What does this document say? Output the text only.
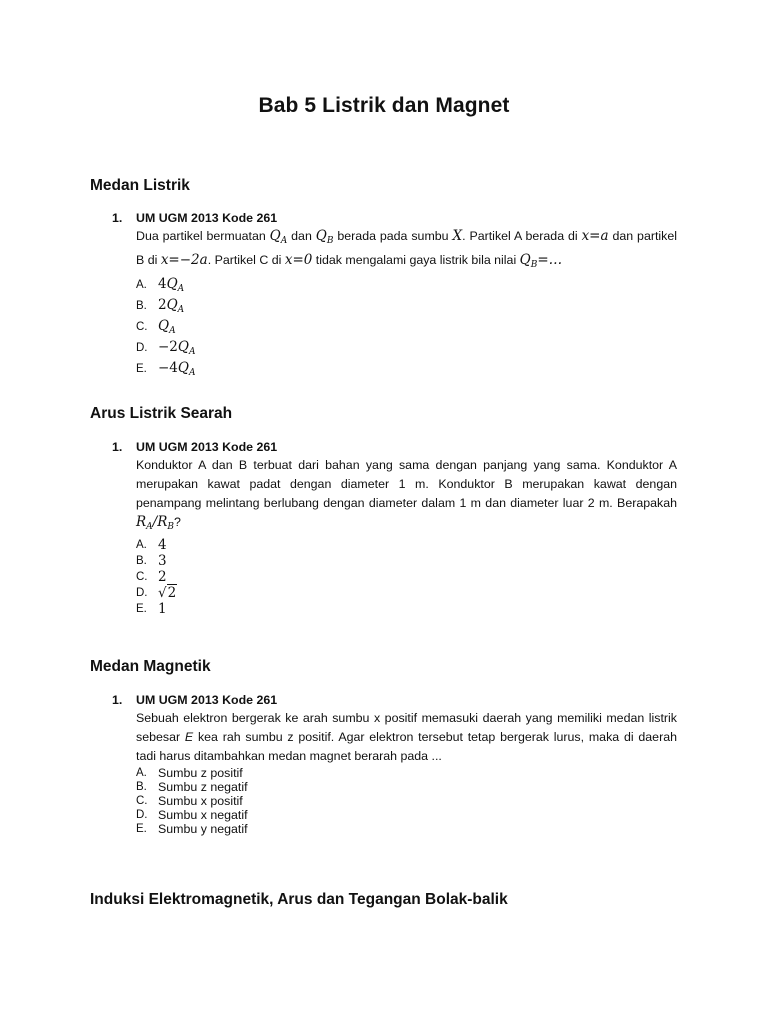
Bab 5 Listrik dan Magnet
Medan Listrik
1.	UM UGM 2013 Kode 261

Dua partikel bermuatan $Q_A$ dan $Q_B$ berada pada sumbu X. Partikel A berada di x=a dan partikel B di x=−2a. Partikel C di x=0 tidak mengalami gaya listrik bila nilai $Q_B=\dots$

A. $4Q_A$
B. $2Q_A$
C. $Q_A$
D. $-2Q_A$
E. $-4Q_A$
Arus Listrik Searah
1.	UM UGM 2013 Kode 261

Konduktor A dan B terbuat dari bahan yang sama dengan panjang yang sama. Konduktor A merupakan kawat padat dengan diameter 1 m. Konduktor B merupakan kawat dengan penampang melintang berlubang dengan diameter dalam 1 m dan diameter luar 2 m. Berapakah $R_A/R_B$?

A. 4
B. 3
C. 2
D. √2
E. 1
Medan Magnetik
1.	UM UGM 2013 Kode 261

Sebuah elektron bergerak ke arah sumbu x positif memasuki daerah yang memiliki medan listrik sebesar E kea rah sumbu z positif. Agar elektron tersebut tetap bergerak lurus, maka di daerah tadi harus ditambahkan medan magnet berarah pada ...

A. Sumbu z positif
B. Sumbu z negatif
C. Sumbu x positif
D. Sumbu x negatif
E. Sumbu y negatif
Induksi Elektromagnetik, Arus dan Tegangan Bolak-balik
